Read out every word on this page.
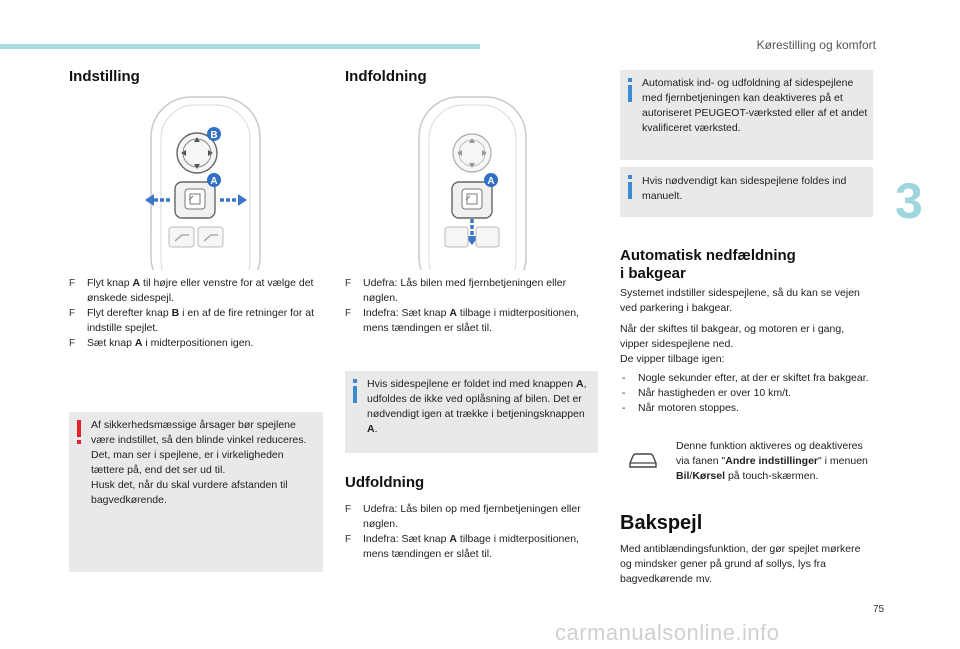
Kørestilling og komfort
3
75
carmanualsonline.info
Indstilling
B
A
F Flyt knap A til højre eller venstre for at vælge det ønskede sidespejl.
F Flyt derefter knap B i en af de fire retninger for at indstille spejlet.
F Sæt knap A i midterpositionen igen.
Af sikkerhedsmæssige årsager bør spejlene være indstillet, så den blinde vinkel reduceres.
Det, man ser i spejlene, er i virkeligheden tættere på, end det ser ud til.
Husk det, når du skal vurdere afstanden til bagvedkørende.
Indfoldning
A
F Udefra: Lås bilen med fjernbetjeningen eller nøglen.
F Indefra: Sæt knap A tilbage i midterpositionen, mens tændingen er slået til.
Hvis sidespejlene er foldet ind med knappen A, udfoldes de ikke ved oplåsning af bilen. Det er nødvendigt igen at trække i betjeningsknappen A.
Udfoldning
F Udefra: Lås bilen op med fjernbetjeningen eller nøglen.
F Indefra: Sæt knap A tilbage i midterpositionen, mens tændingen er slået til.
Automatisk ind- og udfoldning af sidespejlene med fjernbetjeningen kan deaktiveres på et autoriseret PEUGEOT-værksted eller af et andet kvalificeret værksted.
Hvis nødvendigt kan sidespejlene foldes ind manuelt.
Automatisk nedfældning
i bakgear
Systemet indstiller sidespejlene, så du kan se vejen ved parkering i bakgear.
Når der skiftes til bakgear, og motoren er i gang, vipper sidespejlene ned.
De vipper tilbage igen:
- Nogle sekunder efter, at der er skiftet fra bakgear.
- Når hastigheden er over 10 km/t.
- Når motoren stoppes.
Denne funktion aktiveres og deaktiveres via fanen "Andre indstillinger" i menuen Bil/Kørsel på touch-skærmen.
Bakspejl
Med antiblændingsfunktion, der gør spejlet mørkere og mindsker gener på grund af sollys, lys fra bagvedkørende mv.
